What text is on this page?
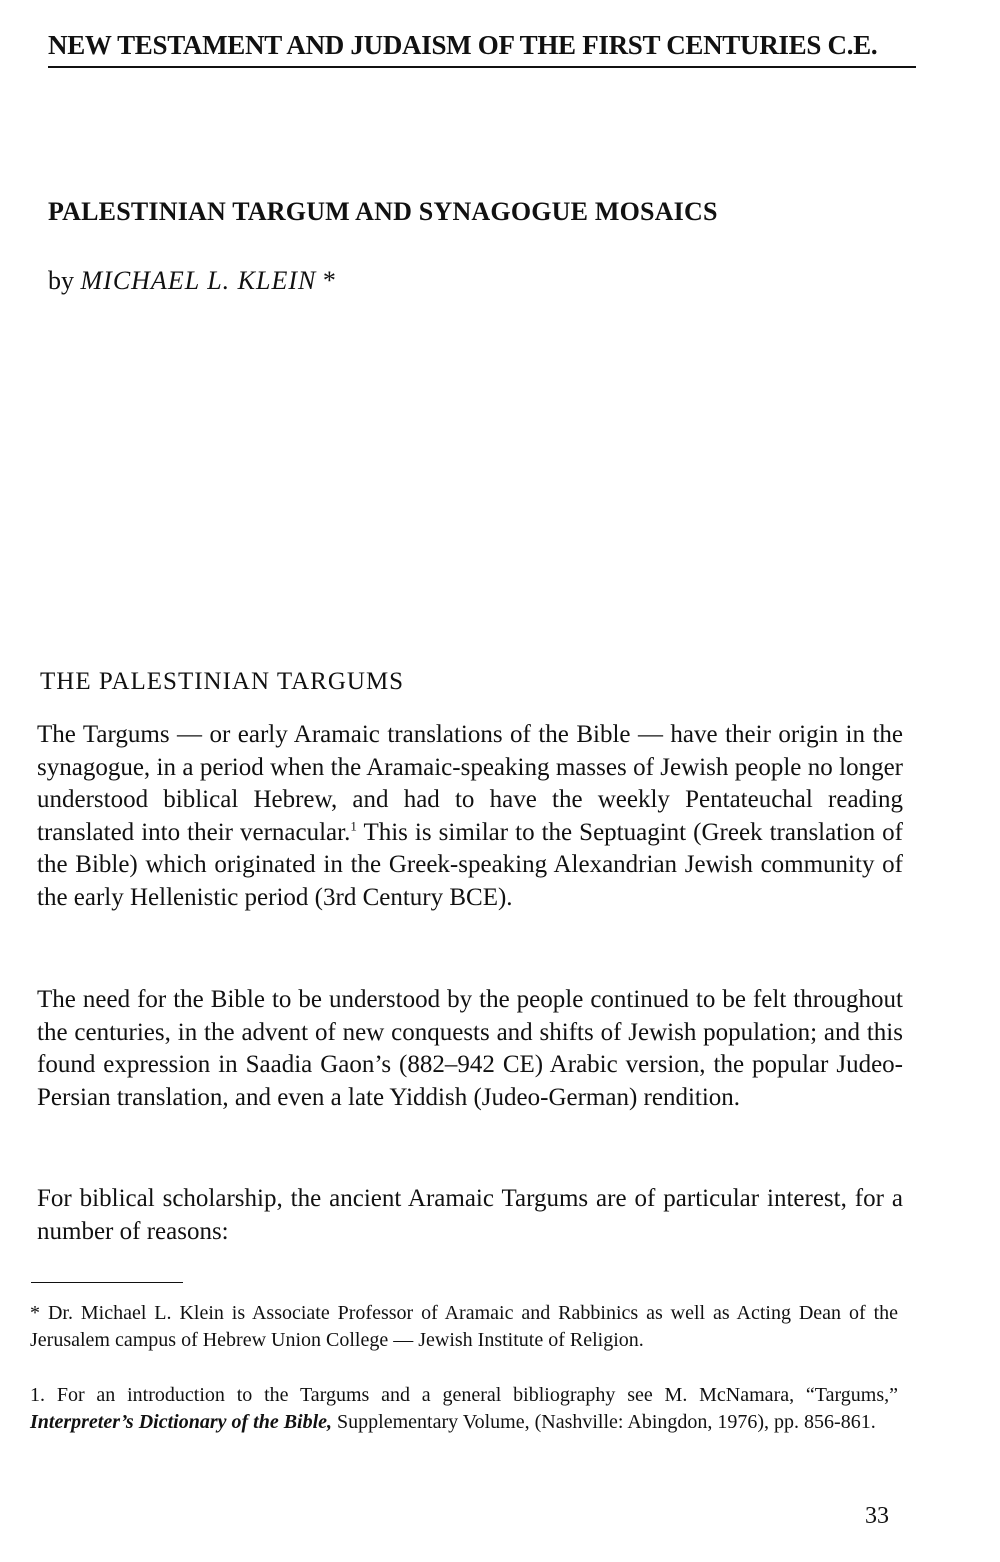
NEW TESTAMENT AND JUDAISM OF THE FIRST CENTURIES C.E.
PALESTINIAN TARGUM AND SYNAGOGUE MOSAICS
by MICHAEL L. KLEIN *
THE PALESTINIAN TARGUMS
The Targums — or early Aramaic translations of the Bible — have their origin in the synagogue, in a period when the Aramaic-speaking masses of Jewish people no longer understood biblical Hebrew, and had to have the weekly Pentateuchal reading translated into their vernacular.$^1$ This is similar to the Septuagint (Greek translation of the Bible) which originated in the Greek-speaking Alexandrian Jewish community of the early Hellenistic period (3rd Century BCE).
The need for the Bible to be understood by the people continued to be felt throughout the centuries, in the advent of new conquests and shifts of Jewish population; and this found expression in Saadia Gaon’s (882–942 CE) Arabic version, the popular Judeo-Persian translation, and even a late Yiddish (Judeo-German) rendition.
For biblical scholarship, the ancient Aramaic Targums are of particular interest, for a number of reasons:
* Dr. Michael L. Klein is Associate Professor of Aramaic and Rabbinics as well as Acting Dean of the Jerusalem campus of Hebrew Union College — Jewish Institute of Religion.
1. For an introduction to the Targums and a general bibliography see M. McNamara, “Targums,” Interpreter’s Dictionary of the Bible, Supplementary Volume, (Nashville: Abingdon, 1976), pp. 856-861.
33
